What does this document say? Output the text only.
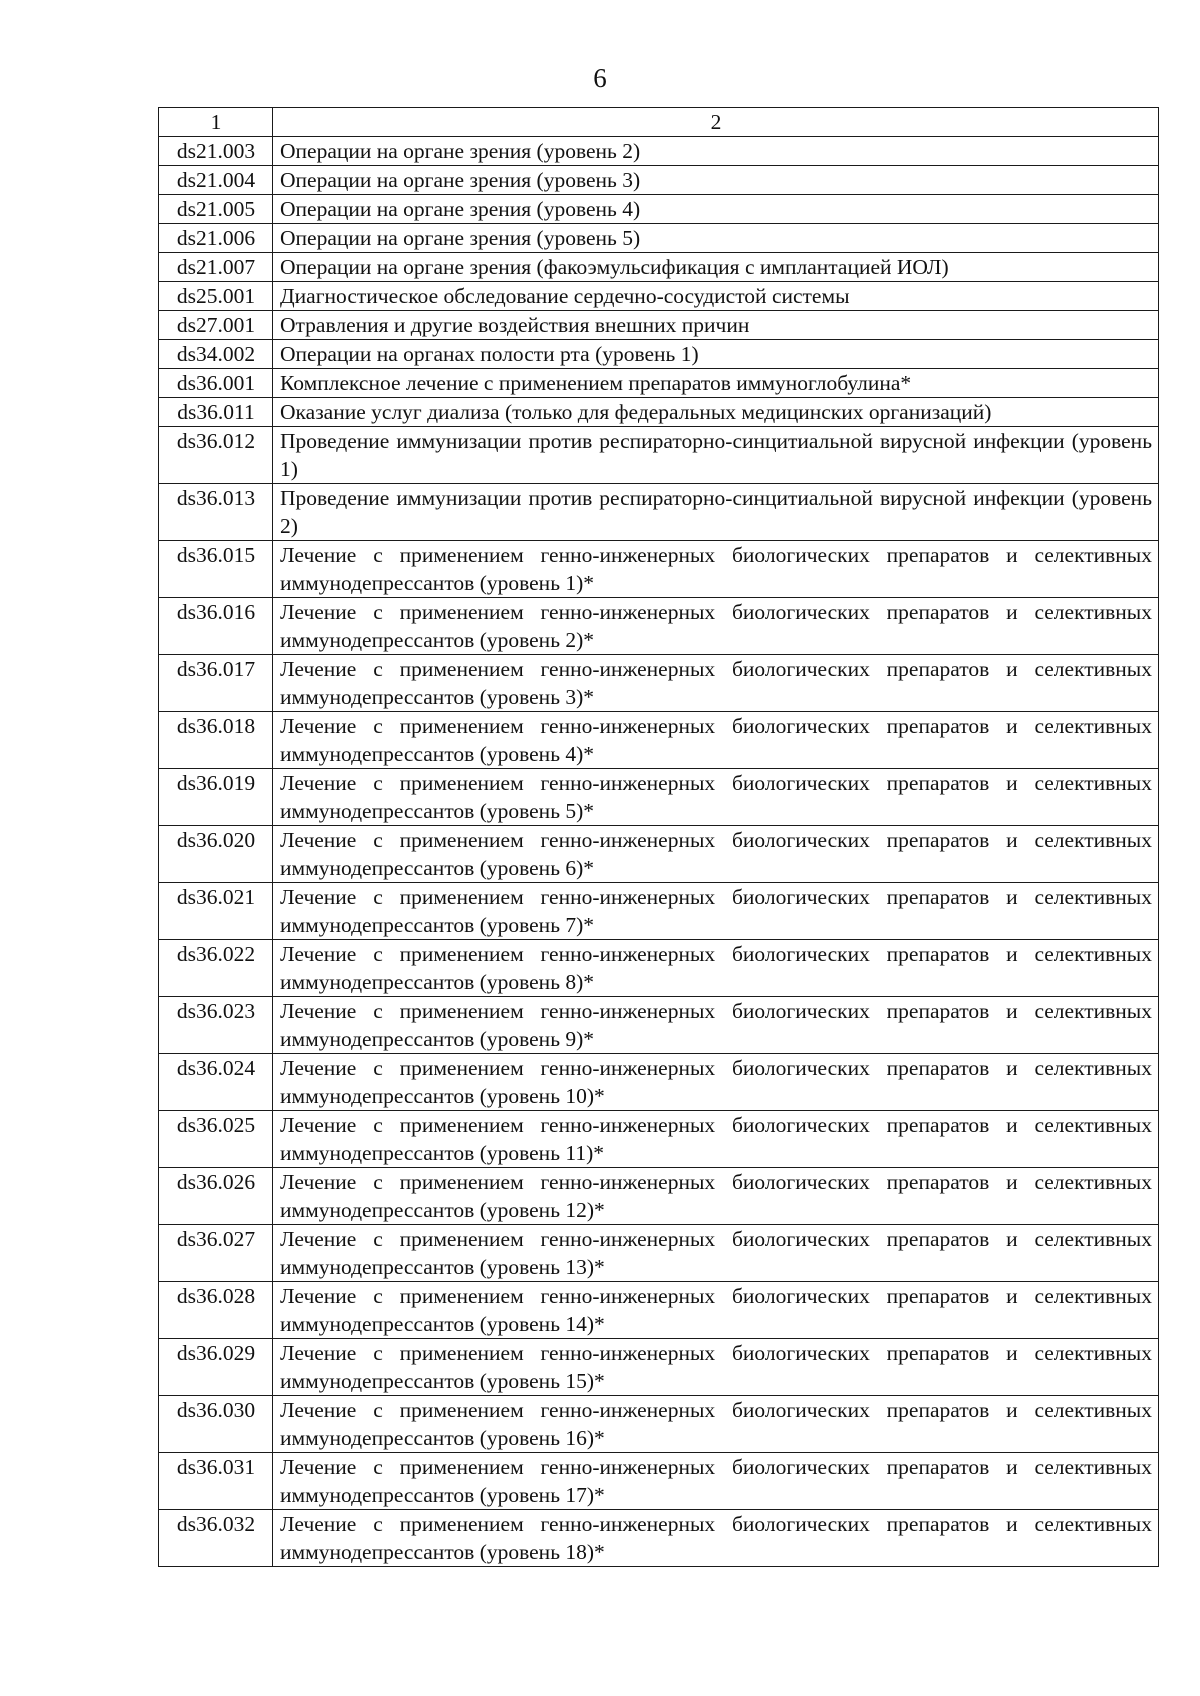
6
1	2
ds21.003	Операции на органе зрения (уровень 2)
ds21.004	Операции на органе зрения (уровень 3)
ds21.005	Операции на органе зрения (уровень 4)
ds21.006	Операции на органе зрения (уровень 5)
ds21.007	Операции на органе зрения (факоэмульсификация с имплантацией ИОЛ)
ds25.001	Диагностическое обследование сердечно-сосудистой системы
ds27.001	Отравления и другие воздействия внешних причин
ds34.002	Операции на органах полости рта (уровень 1)
ds36.001	Комплексное лечение с применением препаратов иммуноглобулина*
ds36.011	Оказание услуг диализа (только для федеральных медицинских организаций)
ds36.012	Проведение иммунизации против респираторно-синцитиальной вирусной инфекции (уровень 1)
ds36.013	Проведение иммунизации против респираторно-синцитиальной вирусной инфекции (уровень 2)
ds36.015	Лечение с применением генно-инженерных биологических препаратов и селективных иммунодепрессантов (уровень 1)*
ds36.016	Лечение с применением генно-инженерных биологических препаратов и селективных иммунодепрессантов (уровень 2)*
ds36.017	Лечение с применением генно-инженерных биологических препаратов и селективных иммунодепрессантов (уровень 3)*
ds36.018	Лечение с применением генно-инженерных биологических препаратов и селективных иммунодепрессантов (уровень 4)*
ds36.019	Лечение с применением генно-инженерных биологических препаратов и селективных иммунодепрессантов (уровень 5)*
ds36.020	Лечение с применением генно-инженерных биологических препаратов и селективных иммунодепрессантов (уровень 6)*
ds36.021	Лечение с применением генно-инженерных биологических препаратов и селективных иммунодепрессантов (уровень 7)*
ds36.022	Лечение с применением генно-инженерных биологических препаратов и селективных иммунодепрессантов (уровень 8)*
ds36.023	Лечение с применением генно-инженерных биологических препаратов и селективных иммунодепрессантов (уровень 9)*
ds36.024	Лечение с применением генно-инженерных биологических препаратов и селективных иммунодепрессантов (уровень 10)*
ds36.025	Лечение с применением генно-инженерных биологических препаратов и селективных иммунодепрессантов (уровень 11)*
ds36.026	Лечение с применением генно-инженерных биологических препаратов и селективных иммунодепрессантов (уровень 12)*
ds36.027	Лечение с применением генно-инженерных биологических препаратов и селективных иммунодепрессантов (уровень 13)*
ds36.028	Лечение с применением генно-инженерных биологических препаратов и селективных иммунодепрессантов (уровень 14)*
ds36.029	Лечение с применением генно-инженерных биологических препаратов и селективных иммунодепрессантов (уровень 15)*
ds36.030	Лечение с применением генно-инженерных биологических препаратов и селективных иммунодепрессантов (уровень 16)*
ds36.031	Лечение с применением генно-инженерных биологических препаратов и селективных иммунодепрессантов (уровень 17)*
ds36.032	Лечение с применением генно-инженерных биологических препаратов и селективных иммунодепрессантов (уровень 18)*
